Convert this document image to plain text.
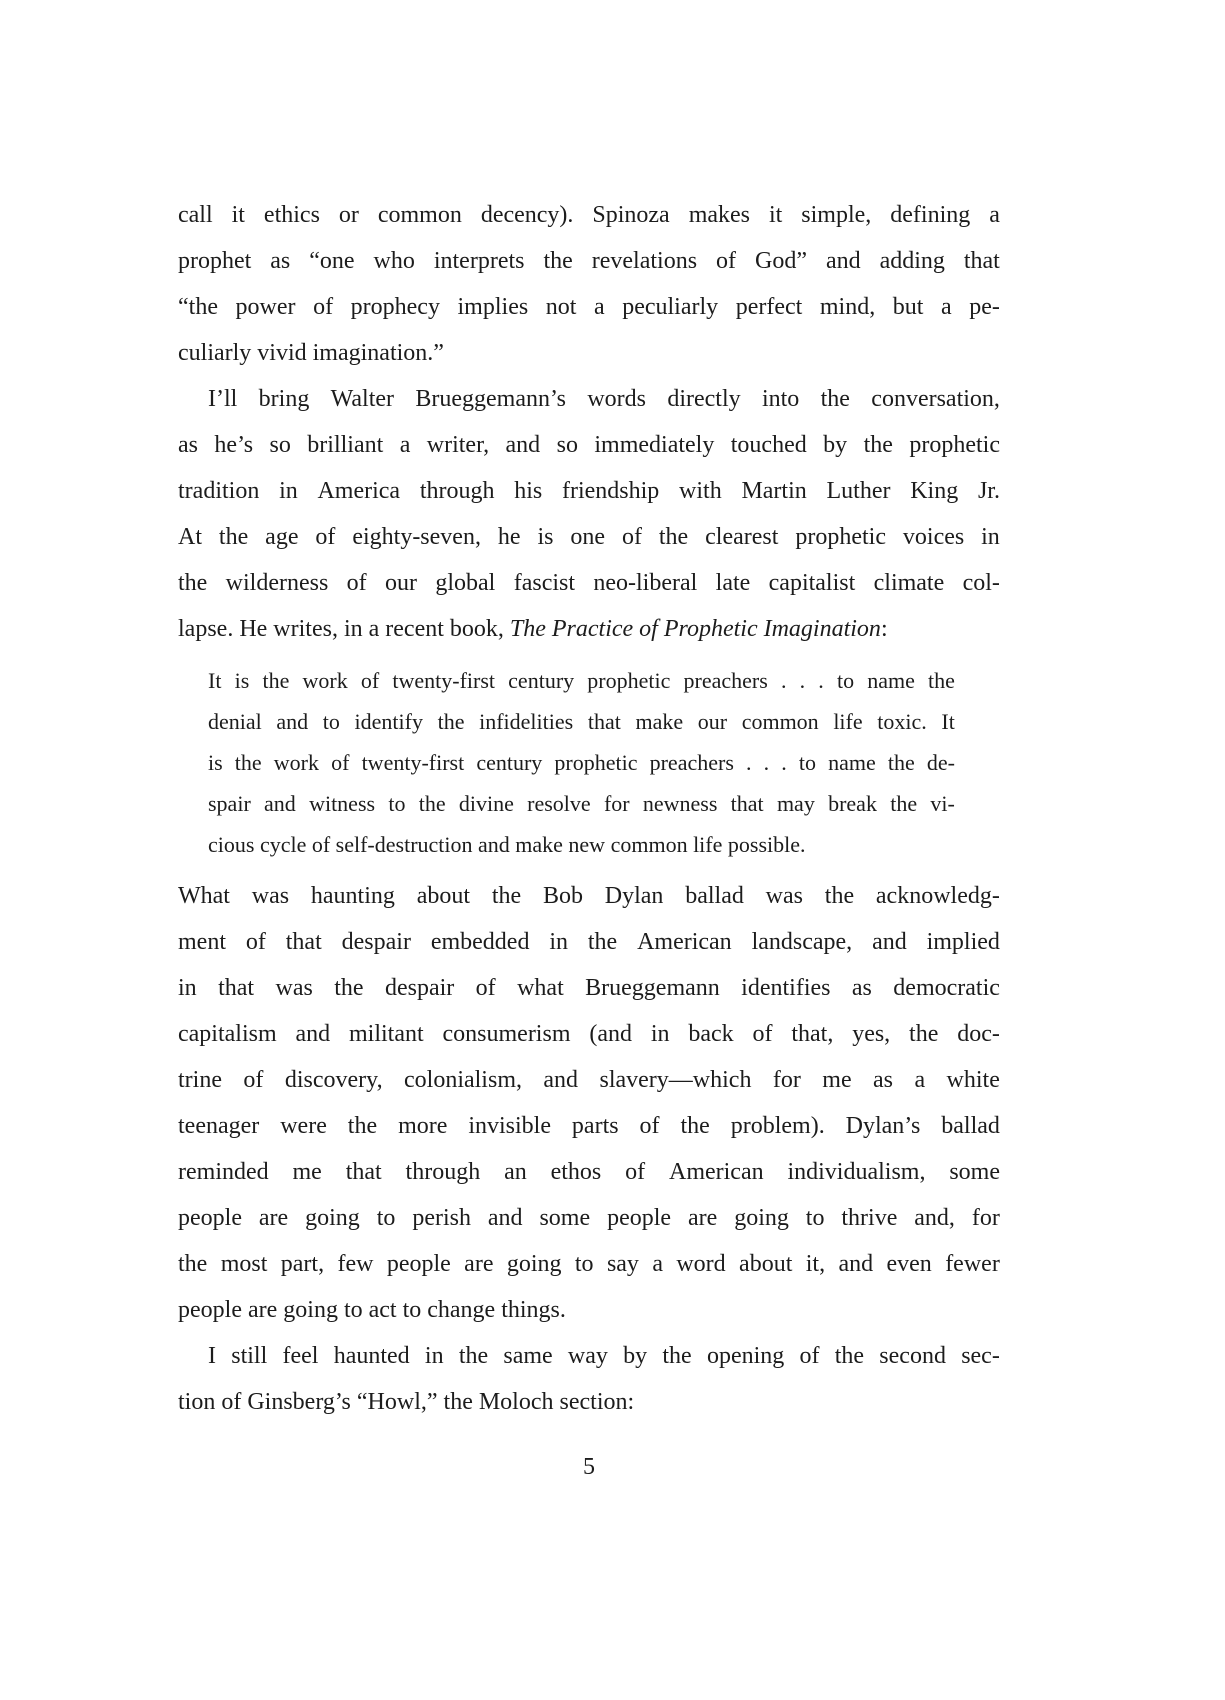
call it ethics or common decency). Spinoza makes it simple, defining a
prophet as “one who interprets the revelations of God” and adding that
“the power of prophecy implies not a peculiarly perfect mind, but a pe-
culiarly vivid imagination.”

I’ll bring Walter Brueggemann’s words directly into the conversation,
as he’s so brilliant a writer, and so immediately touched by the prophetic
tradition in America through his friendship with Martin Luther King Jr.
At the age of eighty-seven, he is one of the clearest prophetic voices in
the wilderness of our global fascist neo-liberal late capitalist climate col-
lapse. He writes, in a recent book, The Practice of Prophetic Imagination:

It is the work of twenty-first century prophetic preachers . . . to name the
denial and to identify the infidelities that make our common life toxic. It
is the work of twenty-first century prophetic preachers . . . to name the de-
spair and witness to the divine resolve for newness that may break the vi-
cious cycle of self-destruction and make new common life possible.

What was haunting about the Bob Dylan ballad was the acknowledg-
ment of that despair embedded in the American landscape, and implied
in that was the despair of what Brueggemann identifies as democratic
capitalism and militant consumerism (and in back of that, yes, the doc-
trine of discovery, colonialism, and slavery—which for me as a white
teenager were the more invisible parts of the problem). Dylan’s ballad
reminded me that through an ethos of American individualism, some
people are going to perish and some people are going to thrive and, for
the most part, few people are going to say a word about it, and even fewer
people are going to act to change things.

I still feel haunted in the same way by the opening of the second sec-
tion of Ginsberg’s “Howl,” the Moloch section:

5
